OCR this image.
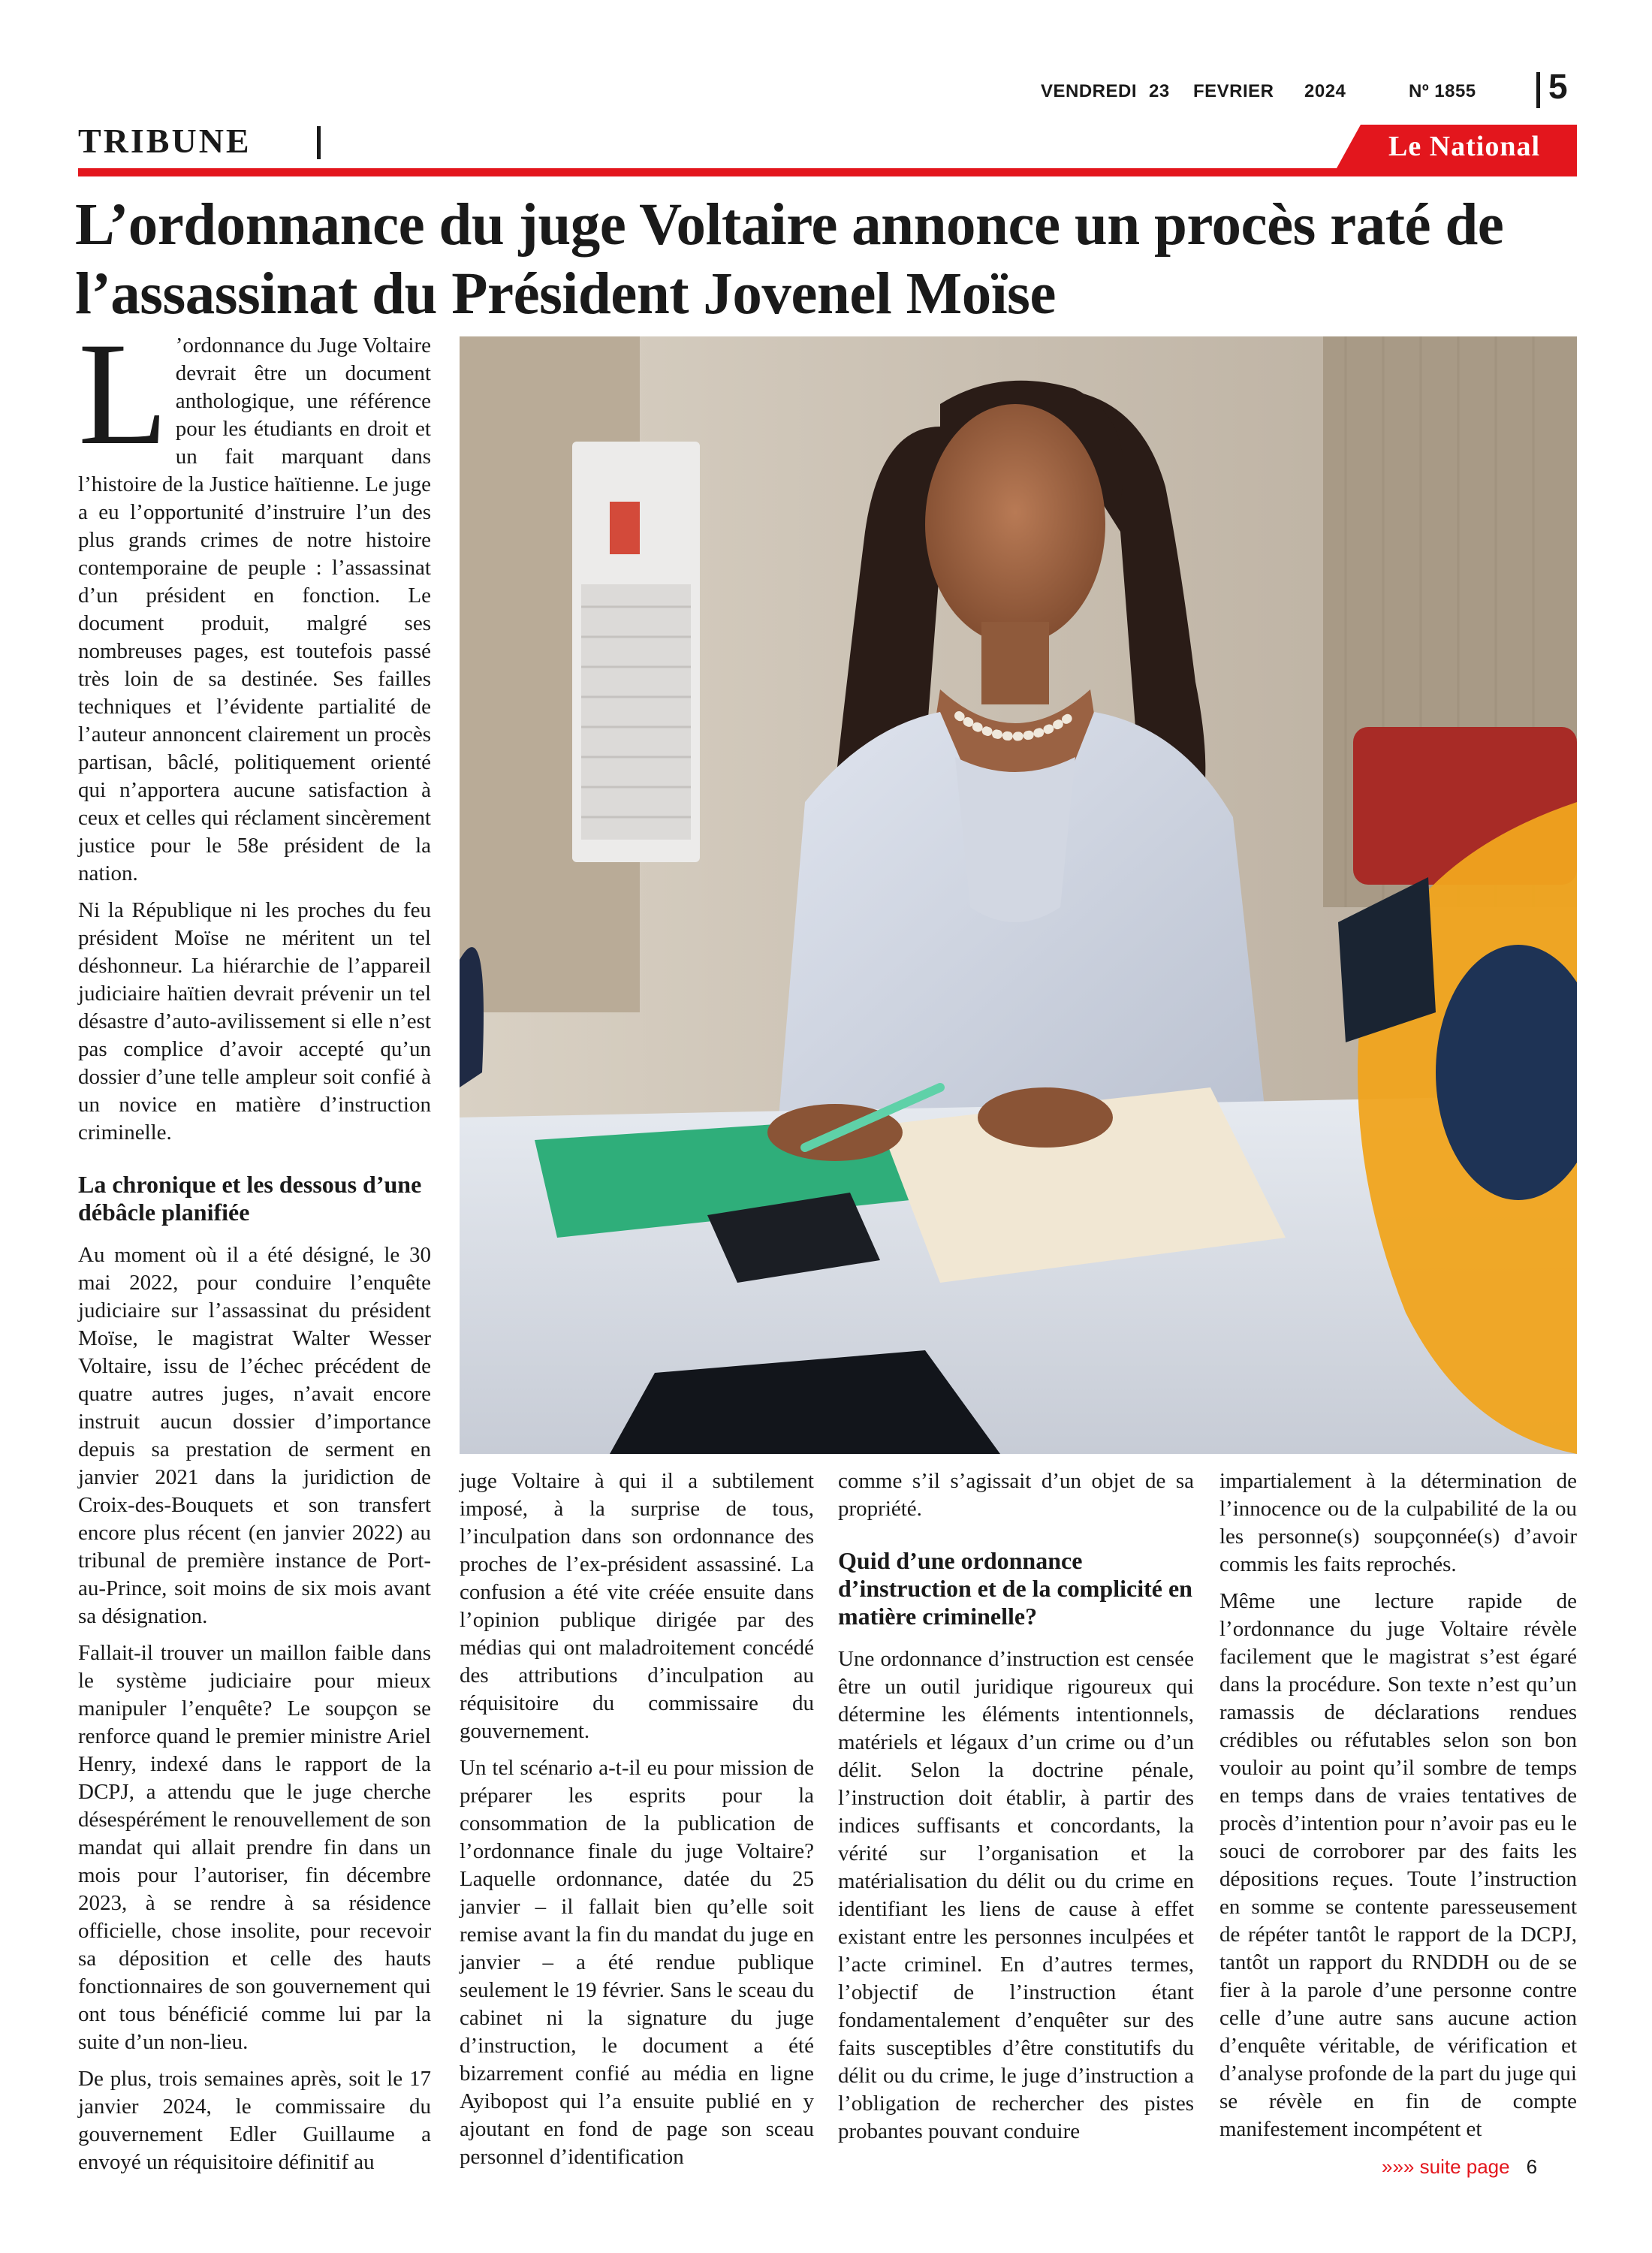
VENDREDI 23 FEVRIER 2024	Nº 1855 5
TRIBUNE	Le National
L’ordonnance du juge Voltaire annonce un procès raté de
l’assassinat du Président Jovenel Moïse
L ’ordonnance du Juge Voltaire devrait être un document anthologique, une référence pour les étudiants en droit et un fait marquant dans l’histoire de la Justice haïtienne. Le juge a eu l’opportunité d’instruire l’un des plus grands crimes de notre histoire contemporaine de peuple : l’assassinat d’un président en fonction. Le document produit, malgré ses nombreuses pages, est toutefois passé très loin de sa destinée. Ses failles techniques et l’évidente partialité de l’auteur annoncent clairement un procès partisan, bâclé, politiquement orienté qui n’apportera aucune satisfaction à ceux et celles qui réclament sincèrement justice pour le 58e président de la nation.

Ni la République ni les proches du feu président Moïse ne méritent un tel déshonneur. La hiérarchie de l’appareil judiciaire haïtien devrait prévenir un tel désastre d’auto-avilissement si elle n’est pas complice d’avoir accepté qu’un dossier d’une telle ampleur soit confié à un novice en matière d’instruction criminelle.

La chronique et les dessous d’une débâcle planifiée

Au moment où il a été désigné, le 30 mai 2022, pour conduire l’enquête judiciaire sur l’assassinat du président Moïse, le magistrat Walter Wesser Voltaire, issu de l’échec précédent de quatre autres juges, n’avait encore instruit aucun dossier d’importance depuis sa prestation de serment en janvier 2021 dans la juridiction de Croix-des-Bouquets et son transfert encore plus récent (en janvier 2022) au tribunal de première instance de Port-au-Prince, soit moins de six mois avant sa désignation.

Fallait-il trouver un maillon faible dans le système judiciaire pour mieux manipuler l’enquête? Le soupçon se renforce quand le premier ministre Ariel Henry, indexé dans le rapport de la DCPJ, a attendu que le juge cherche désespérément le renouvellement de son mandat qui allait prendre fin dans un mois pour l’autoriser, fin décembre 2023, à se rendre à sa résidence officielle, chose insolite, pour recevoir sa déposition et celle des hauts fonctionnaires de son gouvernement qui ont tous bénéficié comme lui par la suite d’un non-lieu.

De plus, trois semaines après, soit le 17 janvier 2024, le commissaire du gouvernement Edler Guillaume a envoyé un réquisitoire définitif au

juge Voltaire à qui il a subtilement imposé, à la surprise de tous, l’inculpation dans son ordonnance des proches de l’ex-président assassiné. La confusion a été vite créée ensuite dans l’opinion publique dirigée par des médias qui ont maladroitement concédé des attributions d’inculpation au réquisitoire du commissaire du gouvernement.

Un tel scénario a-t-il eu pour mission de préparer les esprits pour la consommation de la publication de l’ordonnance finale du juge Voltaire? Laquelle ordonnance, datée du 25 janvier – il fallait bien qu’elle soit remise avant la fin du mandat du juge en janvier – a été rendue publique seulement le 19 février. Sans le sceau du cabinet ni la signature du juge d’instruction, le document a été bizarrement confié au média en ligne Ayibopost qui l’a ensuite publié en y ajoutant en fond de page son sceau personnel d’identification

comme s’il s’agissait d’un objet de sa propriété.

Quid d’une ordonnance d’instruction et de la complicité en matière criminelle?

Une ordonnance d’instruction est censée être un outil juridique rigoureux qui détermine les éléments intentionnels, matériels et légaux d’un crime ou d’un délit. Selon la doctrine pénale, l’instruction doit établir, à partir des indices suffisants et concordants, la vérité sur l’organisation et la matérialisation du délit ou du crime en identifiant les liens de cause à effet existant entre les personnes inculpées et l’acte criminel. En d’autres termes, l’objectif de l’instruction étant fondamentalement d’enquêter sur des faits susceptibles d’être constitutifs du délit ou du crime, le juge d’instruction a l’obligation de rechercher des pistes probantes pouvant conduire

impartialement à la détermination de l’innocence ou de la culpabilité de la ou les personne(s) soupçonnée(s) d’avoir commis les faits reprochés.

Même une lecture rapide de l’ordonnance du juge Voltaire révèle facilement que le magistrat s’est égaré dans la procédure. Son texte n’est qu’un ramassis de déclarations rendues crédibles ou réfutables selon son bon vouloir au point qu’il sombre de temps en temps dans de vraies tentatives de procès d’intention pour n’avoir pas eu le souci de corroborer par des faits les dépositions reçues. Toute l’instruction en somme se contente paresseusement de répéter tantôt le rapport de la DCPJ, tantôt un rapport du RNDDH ou de se fier à la parole d’une personne contre celle d’une autre sans aucune action d’enquête véritable, de vérification et d’analyse profonde de la part du juge qui se révèle en fin de compte manifestement incompétent et

»»» suite page 6
